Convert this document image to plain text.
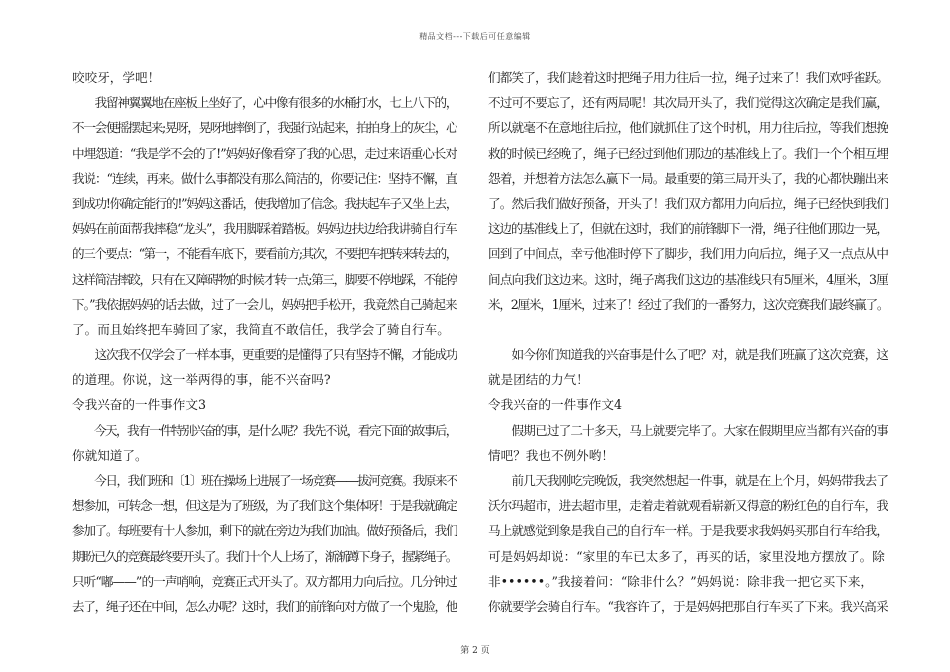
精品文档---下载后可任意编辑
咬咬牙，学吧！
　　我留神翼翼地在座板上坐好了，心中像有很多的水桶打水，七上八下的，
不一会便摇摆起来;晃呀，晃呀地摔倒了，我强行站起来，拍拍身上的灰尘，心
中埋怨道：“我是学不会的了!”妈妈好像看穿了我的心思，走过来语重心长对
我说：“连续，再来。做什么事都没有那么简洁的，你要记住：坚持不懈，直
到成功!你确定能行的!”妈妈这番话，使我增加了信念。我扶起车子又坐上去，
妈妈在前面帮我摔稳“龙头”，我用脚踩着踏板。妈妈边扶边给我讲骑自行车
的三个要点：“第一，不能看车底下，要看前方;其次，不要把车把转来转去的，
这样简洁摔跤，只有在又障碍物的时候才转一点;第三，脚要不停地踩，不能停
下。”我依据妈妈的话去做，过了一会儿，妈妈把手松开，我竟然自己骑起来
了。而且始终把车骑回了家，我简直不敢信任，我学会了骑自行车。
　　这次我不仅学会了一样本事，更重要的是懂得了只有坚持不懈，才能成功
的道理。你说，这一举两得的事，能不兴奋吗?
令我兴奋的一件事作文3
　　今天，我有一件特别兴奋的事，是什么呢？我先不说，看完下面的故事后，
你就知道了。
　　今日，我们班和〔1〕班在操场上进展了一场竞赛——拔河竞赛。我原来不
想参加，可转念一想，但这是为了班级，为了我们这个集体呀！于是我就确定
参加了。每班要有十人参加，剩下的就在旁边为我们加油。做好预备后，我们
期盼已久的竞赛最终要开头了。我们十个人上场了，渐渐蹲下身子，握紧绳子。
只听“嘟——”的一声哨响，竞赛正式开头了。双方都用力向后拉。几分钟过
去了，绳子还在中间，怎么办呢？这时，我们的前锋向对方做了一个鬼脸，他
们都笑了，我们趁着这时把绳子用力往后一拉，绳子过来了！我们欢呼雀跃。
不过可不要忘了，还有两局呢！其次局开头了，我们觉得这次确定是我们赢，
所以就毫不在意地往后拉，他们就抓住了这个时机，用力往后拉，等我们想挽
救的时候已经晚了，绳子已经过到他们那边的基准线上了。我们一个个相互埋
怨着，并想着方法怎么赢下一局。最重要的第三局开头了，我的心都快蹦出来
了。然后我们做好预备，开头了！我们双方都用力向后拉，绳子已经快到我们
这边的基准线上了，但就在这时，我们的前锋脚下一滑，绳子往他们那边一晃，
回到了中间点，幸亏他准时停下了脚步，我们用力向后拉，绳子又一点点从中
间点向我们这边来。这时，绳子离我们这边的基准线只有5厘米，4厘米，3厘
米，2厘米，1厘米，过来了！经过了我们的一番努力，这次竞赛我们最终赢了。
　　如今你们知道我的兴奋事是什么了吧？对，就是我们班赢了这次竞赛，这
就是团结的力气！
令我兴奋的一件事作文4
　　假期已过了二十多天，马上就要完毕了。大家在假期里应当都有兴奋的事
情吧？我也不例外哟！
　　前几天我刚吃完晚饭，我突然想起一件事，就是在上个月，妈妈带我去了
沃尔玛超市，进去超市里，走着走着就观看崭新又得意的粉红色的自行车，我
马上就感觉到象是我自己的自行车一样。于是我要求我妈妈买那自行车给我，
可是妈妈却说：“家里的车已太多了，再买的话，家里没地方摆放了。除
非••••••。”我接着问：“除非什么？”妈妈说：除非我一把它买下来，
你就要学会骑自行车。“我容许了，于是妈妈把那自行车买了下来。我兴高采
第 2 页
